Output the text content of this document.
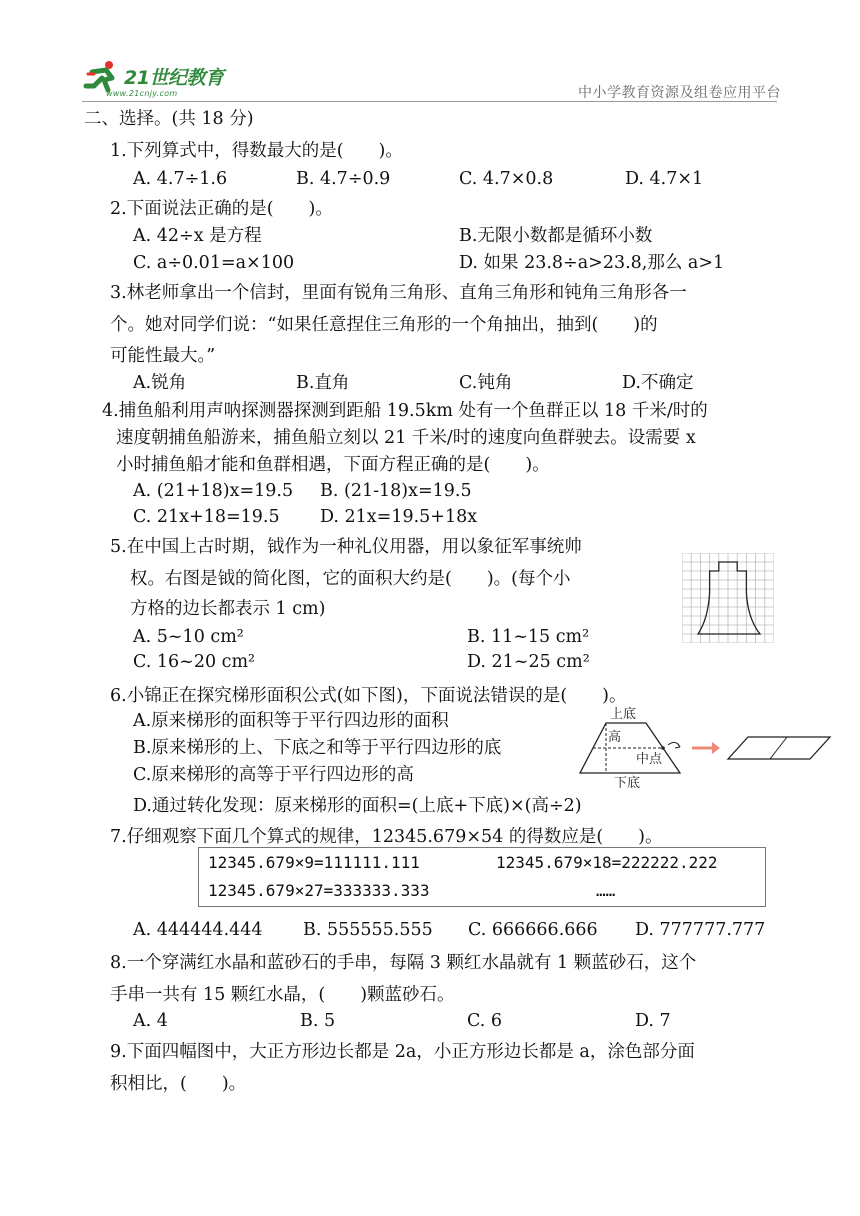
21世纪教育
www.21cnjy.com	中小学教育资源及组卷应用平台
二、选择。(共 18 分)
1.下列算式中，得数最大的是(　　)。
A. 4.7÷1.6	B. 4.7÷0.9	C. 4.7×0.8	D. 4.7×1
2.下面说法正确的是(　　)。
A. 42÷x 是方程	B.无限小数都是循环小数
C. a÷0.01=a×100	D. 如果 23.8÷a>23.8,那么 a>1
3.林老师拿出一个信封，里面有锐角三角形、直角三角形和钝角三角形各一
个。她对同学们说：“如果任意捏住三角形的一个角抽出，抽到(　　)的
可能性最大。”
A.锐角	B.直角	C.钝角	D.不确定
4.捕鱼船利用声呐探测器探测到距船 19.5km 处有一个鱼群正以 18 千米/时的
速度朝捕鱼船游来，捕鱼船立刻以 21 千米/时的速度向鱼群驶去。设需要 x
小时捕鱼船才能和鱼群相遇，下面方程正确的是(　　)。
A. (21+18)x=19.5 B. (21-18)x=19.5
C. 21x+18=19.5 D. 21x=19.5+18x
5.在中国上古时期，钺作为一种礼仪用器，用以象征军事统帅
权。右图是钺的简化图，它的面积大约是(　　)。(每个小
方格的边长都表示 1 cm)
A. 5~10 cm²	B. 11~15 cm²
C. 16~20 cm²	D. 21~25 cm²
6.小锦正在探究梯形面积公式(如下图)，下面说法错误的是(　　)。
A.原来梯形的面积等于平行四边形的面积
B.原来梯形的上、下底之和等于平行四边形的底
C.原来梯形的高等于平行四边形的高
D.通过转化发现：原来梯形的面积=(上底+下底)×(高÷2)
上底
高
中点
下底
7.仔细观察下面几个算式的规律，12345.679×54 的得数应是(　　)。
12345.679×9=111111.111	12345.679×18=222222.222
12345.679×27=333333.333	……
A. 444444.444 B. 555555.555 C. 666666.666 D. 777777.777
8.一个穿满红水晶和蓝砂石的手串，每隔 3 颗红水晶就有 1 颗蓝砂石，这个
手串一共有 15 颗红水晶，(　　)颗蓝砂石。
A. 4	B. 5	C. 6	D. 7
9.下面四幅图中，大正方形边长都是 2a，小正方形边长都是 a，涂色部分面
积相比，(　　)。
